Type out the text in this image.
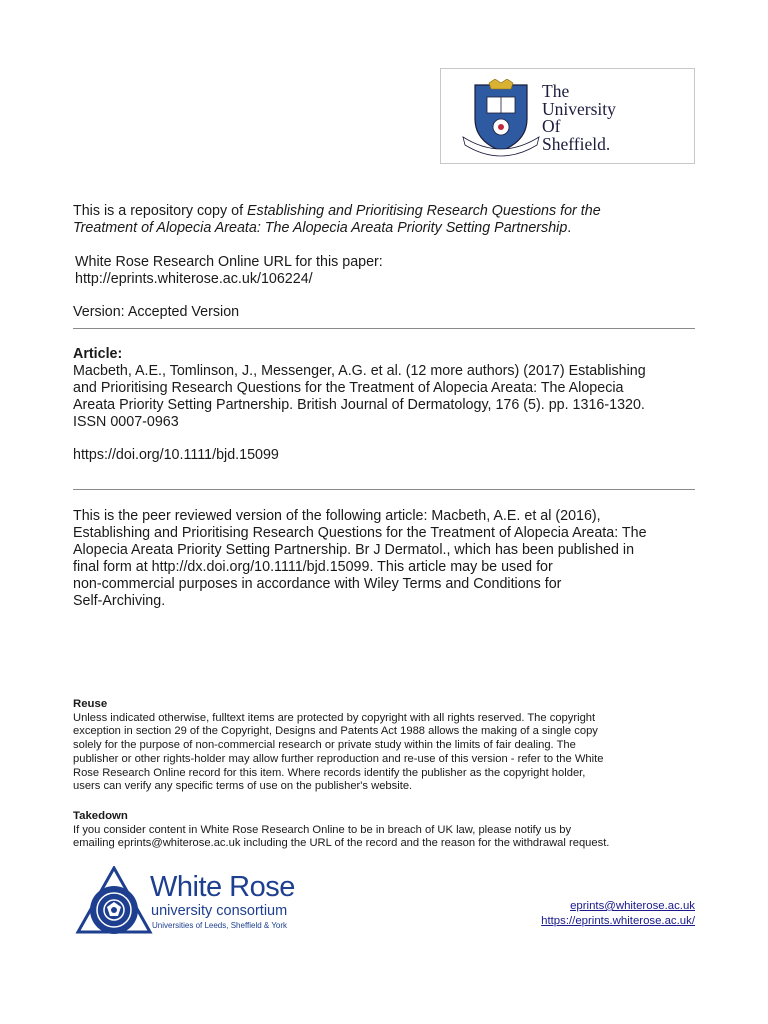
The
University
Of
Sheffield.
This is a repository copy of Establishing and Prioritising Research Questions for the
Treatment of Alopecia Areata: The Alopecia Areata Priority Setting Partnership.
White Rose Research Online URL for this paper:
http://eprints.whiterose.ac.uk/106224/
Version: Accepted Version
Article:
Macbeth, A.E., Tomlinson, J., Messenger, A.G. et al. (12 more authors) (2017) Establishing
and Prioritising Research Questions for the Treatment of Alopecia Areata: The Alopecia
Areata Priority Setting Partnership. British Journal of Dermatology, 176 (5). pp. 1316-1320.
ISSN 0007-0963
https://doi.org/10.1111/bjd.15099
This is the peer reviewed version of the following article: Macbeth, A.E. et al (2016),
Establishing and Prioritising Research Questions for the Treatment of Alopecia Areata: The
Alopecia Areata Priority Setting Partnership. Br J Dermatol., which has been published in
final form at http://dx.doi.org/10.1111/bjd.15099. This article may be used for
non-commercial purposes in accordance with Wiley Terms and Conditions for
Self-Archiving.
Reuse
Unless indicated otherwise, fulltext items are protected by copyright with all rights reserved. The copyright
exception in section 29 of the Copyright, Designs and Patents Act 1988 allows the making of a single copy
solely for the purpose of non-commercial research or private study within the limits of fair dealing. The
publisher or other rights-holder may allow further reproduction and re-use of this version - refer to the White
Rose Research Online record for this item. Where records identify the publisher as the copyright holder,
users can verify any specific terms of use on the publisher's website.
Takedown
If you consider content in White Rose Research Online to be in breach of UK law, please notify us by
emailing eprints@whiterose.ac.uk including the URL of the record and the reason for the withdrawal request.
White Rose
university consortium
Universities of Leeds, Sheffield & York
eprints@whiterose.ac.uk
https://eprints.whiterose.ac.uk/
